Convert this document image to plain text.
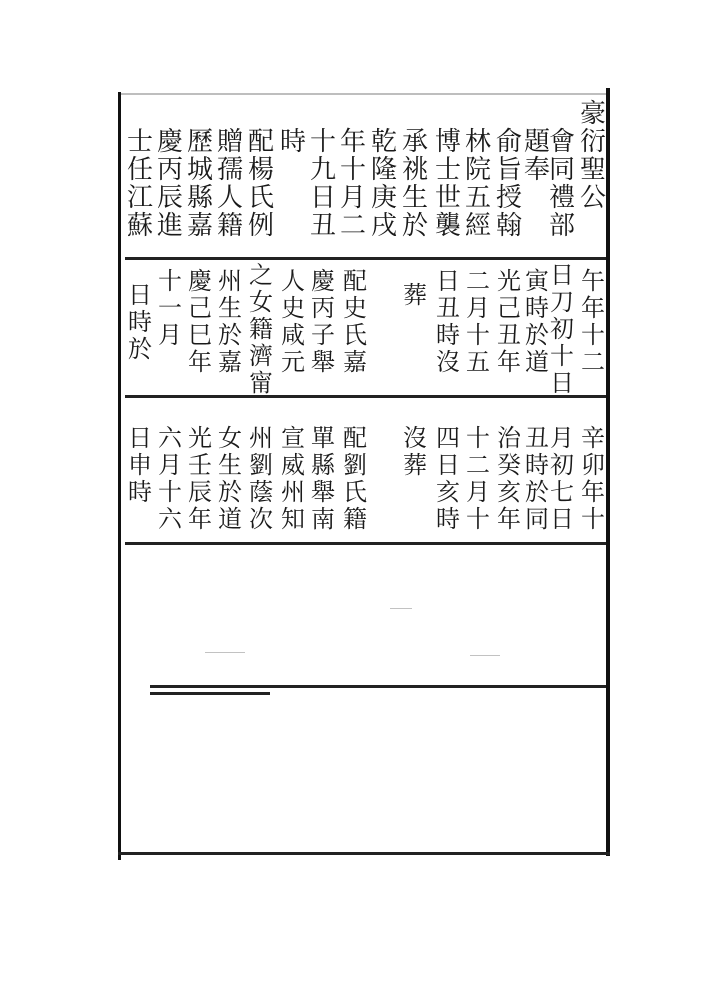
豪
衍
聖
公
會
同
禮
部
題
奉
俞
旨
授
翰
林
院
五
經
博
士
世
襲
承
祧
生
於
乾
隆
庚
戌
年
十
月
二
十
九
日
丑
時
配
楊
氏
例
贈
孺
人
籍
歷
城
縣
嘉
慶
丙
辰
進
士
任
江
蘇
午
年
十
二
日
刀
初
十
日
寅
時
於
道
光
己
丑
年
二
月
十
五
日
丑
時
沒
葬
配
史
氏
嘉
慶
丙
子
舉
人
史
咸
元
之
女
籍
濟
甯
州
生
於
嘉
慶
己
巳
年
十
一
月
日
時
於
辛
卯
年
十
月
初
七
日
丑
時
於
同
治
癸
亥
年
十
二
月
十
四
日
亥
時
沒
葬
配
劉
氏
籍
單
縣
舉
南
宣
威
州
知
州
劉
蔭
次
女
生
於
道
光
壬
辰
年
六
月
十
六
日
申
時
